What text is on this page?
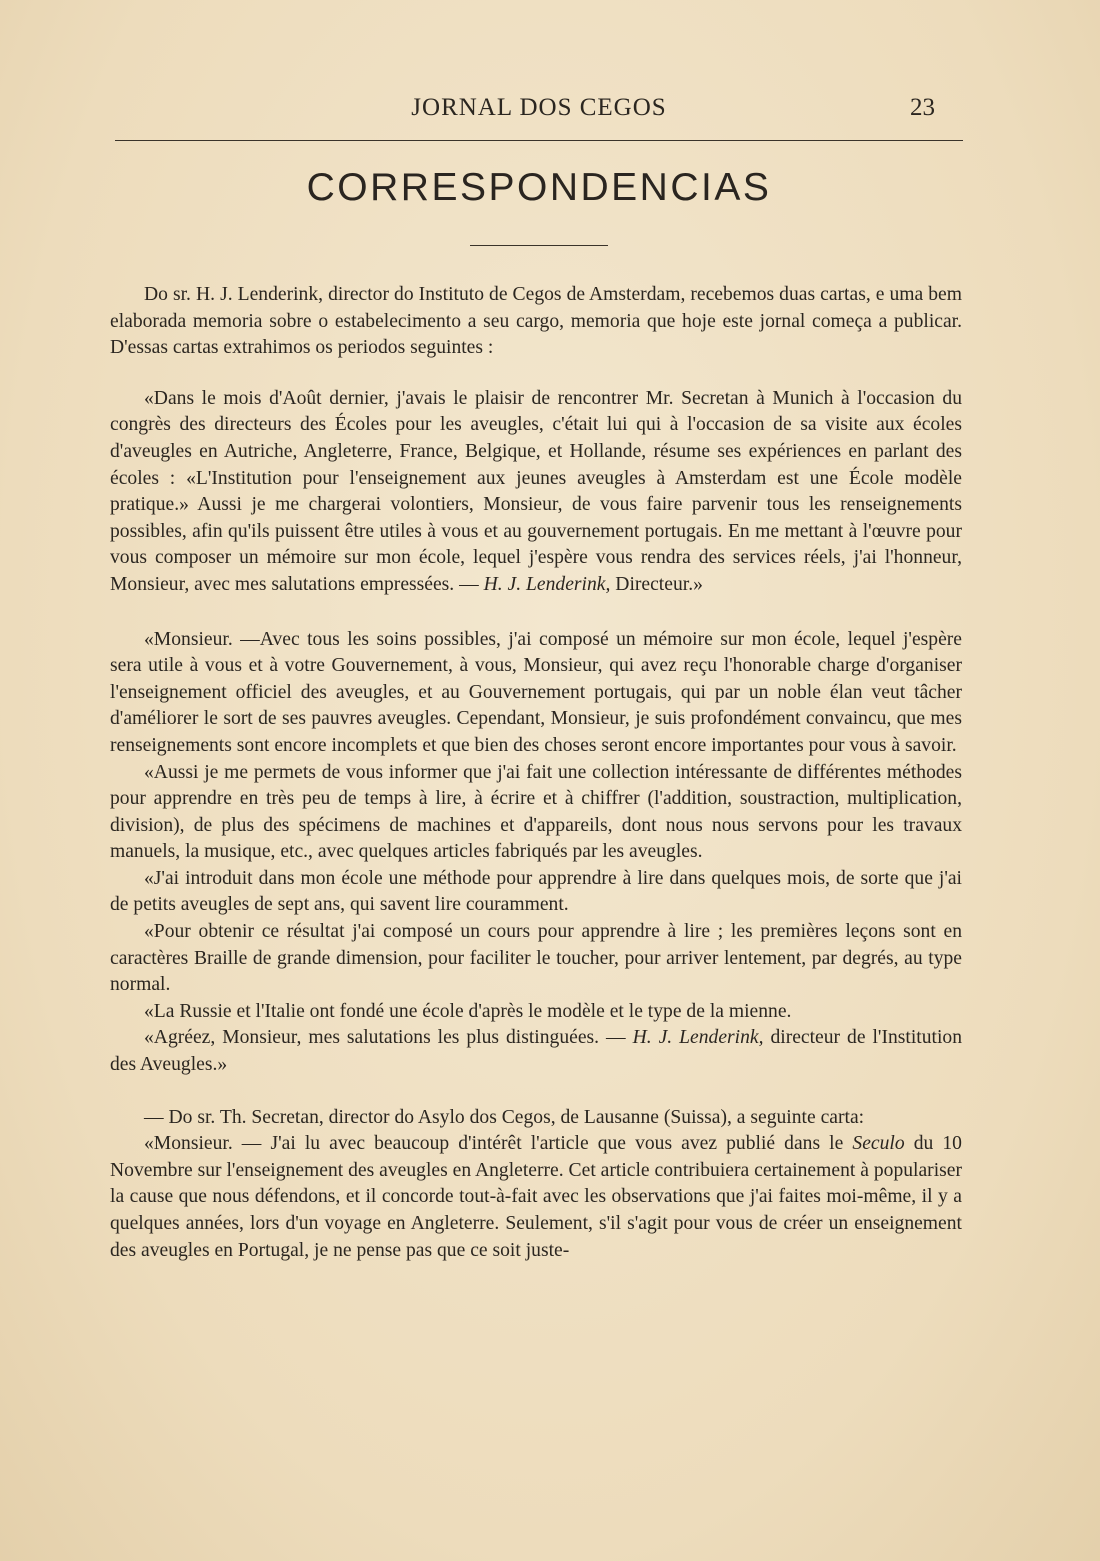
JORNAL DOS CEGOS	23
CORRESPONDENCIAS

Do sr. H. J. Lenderink, director do Instituto de Cegos de Amsterdam, recebemos duas cartas, e uma bem elaborada memoria sobre o estabelecimento a seu cargo, memoria que hoje este jornal começa a publicar. D'essas cartas extrahimos os periodos seguintes :

«Dans le mois d'Août dernier, j'avais le plaisir de rencontrer Mr. Secretan à Munich à l'occasion du congrès des directeurs des Écoles pour les aveugles, c'était lui qui à l'occasion de sa visite aux écoles d'aveugles en Autriche, Angleterre, France, Belgique, et Hollande, résume ses expériences en parlant des écoles : «L'Institution pour l'enseignement aux jeunes aveugles à Amsterdam est une École modèle pratique.» Aussi je me chargerai volontiers, Monsieur, de vous faire parvenir tous les renseignements possibles, afin qu'ils puissent être utiles à vous et au gouvernement portugais. En me mettant à l'œuvre pour vous composer un mémoire sur mon école, lequel j'espère vous rendra des services réels, j'ai l'honneur, Monsieur, avec mes salutations empressées. — H. J. Lenderink, Directeur.»

«Monsieur. —Avec tous les soins possibles, j'ai composé un mémoire sur mon école, lequel j'espère sera utile à vous et à votre Gouvernement, à vous, Monsieur, qui avez reçu l'honorable charge d'organiser l'enseignement officiel des aveugles, et au Gouvernement portugais, qui par un noble élan veut tâcher d'améliorer le sort de ses pauvres aveugles. Cependant, Monsieur, je suis profondément convaincu, que mes renseignements sont encore incomplets et que bien des choses seront encore importantes pour vous à savoir.

«Aussi je me permets de vous informer que j'ai fait une collection intéressante de différentes méthodes pour apprendre en très peu de temps à lire, à écrire et à chiffrer (l'addition, soustraction, multiplication, division), de plus des spécimens de machines et d'appareils, dont nous nous servons pour les travaux manuels, la musique, etc., avec quelques articles fabriqués par les aveugles.

«J'ai introduit dans mon école une méthode pour apprendre à lire dans quelques mois, de sorte que j'ai de petits aveugles de sept ans, qui savent lire couramment.

«Pour obtenir ce résultat j'ai composé un cours pour apprendre à lire ; les premières leçons sont en caractères Braille de grande dimension, pour faciliter le toucher, pour arriver lentement, par degrés, au type normal.

«La Russie et l'Italie ont fondé une école d'après le modèle et le type de la mienne.

«Agréez, Monsieur, mes salutations les plus distinguées. — H. J. Lenderink, directeur de l'Institution des Aveugles.»

— Do sr. Th. Secretan, director do Asylo dos Cegos, de Lausanne (Suissa), a seguinte carta:

«Monsieur. — J'ai lu avec beaucoup d'intérêt l'article que vous avez publié dans le Seculo du 10 Novembre sur l'enseignement des aveugles en Angleterre. Cet article contribuiera certainement à populariser la cause que nous défendons, et il concorde tout-à-fait avec les observations que j'ai faites moi-même, il y a quelques années, lors d'un voyage en Angleterre. Seulement, s'il s'agit pour vous de créer un enseignement des aveugles en Portugal, je ne pense pas que ce soit juste-
